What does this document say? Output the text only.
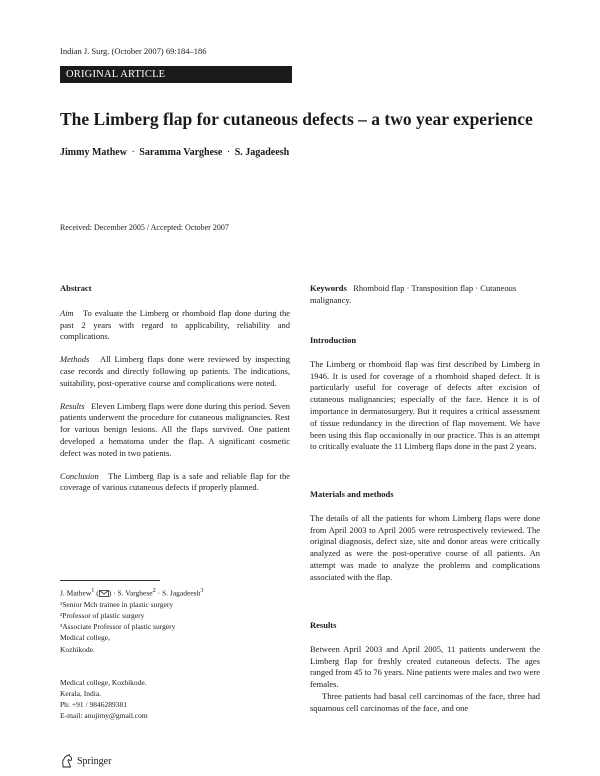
Indian J. Surg. (October 2007) 69:184–186
ORIGINAL ARTICLE
The Limberg flap for cutaneous defects – a two year experience
Jimmy Mathew · Saramma Varghese · S. Jagadeesh
Received: December 2005 / Accepted: October 2007

Abstract

Aim To evaluate the Limberg or rhomboid flap done during the past 2 years with regard to applicability, reliability and complications.

Methods All Limberg flaps done were reviewed by inspecting case records and directly following up patients. The indications, suitability, post-operative course and complications were noted.

Results Eleven Limberg flaps were done during this period. Seven patients underwent the procedure for cutaneous malignancies. Rest for various benign lesions. All the flaps survived. One patient developed a hematoma under the flap. A significant cosmetic defect was noted in two patients.

Conclusion The Limberg flap is a safe and reliable flap for the coverage of various cutaneous defects if properly planned.

J. Mathew$^1$ ( ) · S. Varghese$^2$ · S. Jagadeesh$^3$
¹Senior Mch trainee in plastic surgery
²Professor of plastic surgery
³Associate Professor of plastic surgery
Medical college,
Kozhikode.
Medical college, Kozhikode.
Kerala, India.
Ph: +91 / 9846289381
E-mail: anujimy@gmail.com

Keywords Rhomboid flap · Transposition flap · Cutaneous malignancy.

Introduction

The Limberg or rhomboid flap was first described by Limberg in 1946. It is used for coverage of a rhomboid shaped defect. It is particularly useful for coverage of defects after excision of cutaneous malignancies; especially of the face. Hence it is of importance in dermatosurgery. But it requires a critical assessment of tissue redundancy in the direction of flap movement. We have been using this flap occasionally in our practice. This is an attempt to critically evaluate the 11 Limberg flaps done in the past 2 years.

Materials and methods

The details of all the patients for whom Limberg flaps were done from April 2003 to April 2005 were retrospectively reviewed. The original diagnosis, defect size, site and donor areas were critically analyzed as were the post-operative course of all patients. An attempt was made to analyze the problems and complications associated with the flap.

Results

Between April 2003 and April 2005, 11 patients underwent the Limberg flap for freshly created cutaneous defects. The ages ranged from 45 to 76 years. Nine patients were males and two were females.

Three patients had basal cell carcinomas of the face, three had squamous cell carcinomas of the face, and one

Springer
